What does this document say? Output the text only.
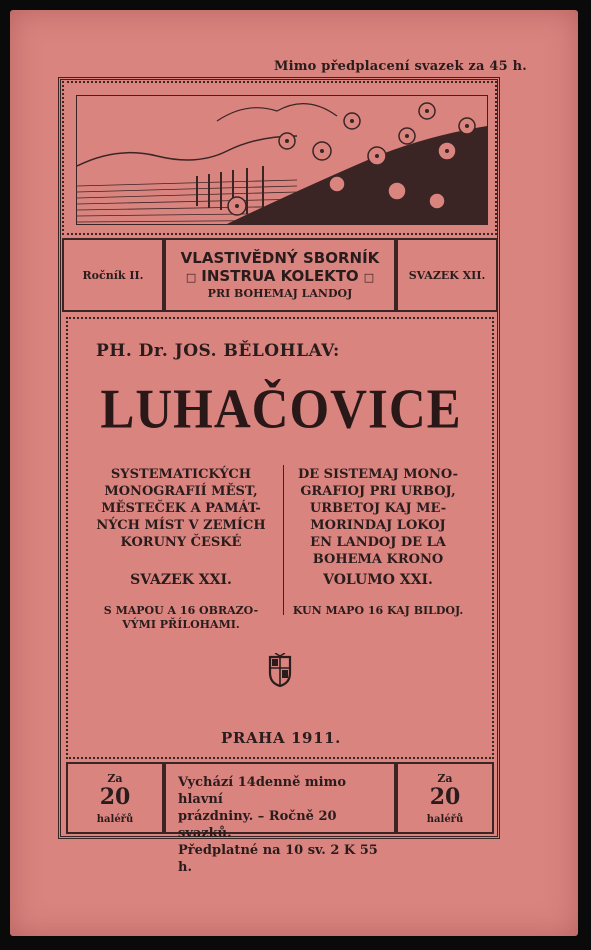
Mimo předplacení svazek za 45 h.
Ročník II.
VLASTIVĚDNÝ SBORNÍK
□ INSTRUA KOLEKTO □
PRI BOHEMAJ LANDOJ
SVAZEK XII.
PH. Dr. JOS. BĚLOHLAV:
LUHAČOVICE
SYSTEMATICKÝCH
MONOGRAFIÍ MĚST,
MĚSTEČEK A PAMÁT-
NÝCH MÍST V ZEMÍCH
KORUNY ČESKÉ
DE SISTEMAJ MONO-
GRAFIOJ PRI URBOJ,
URBETOJ KAJ ME-
MORINDAJ LOKOJ
EN LANDOJ DE LA
BOHEMA KRONO
SVAZEK XXI.	VOLUMO XXI.
S MAPOU A 16 OBRAZO-
VÝMI PŘÍLOHAMI.
KUN MAPO 16 KAJ BILDOJ.
PRAHA 1911.
Za
20
haléřů
Vychází 14denně mimo hlavní
prázdniny. – Ročně 20 svazků.
Předplatné na 10 sv. 2 K 55 h.
Za
20
haléřů
